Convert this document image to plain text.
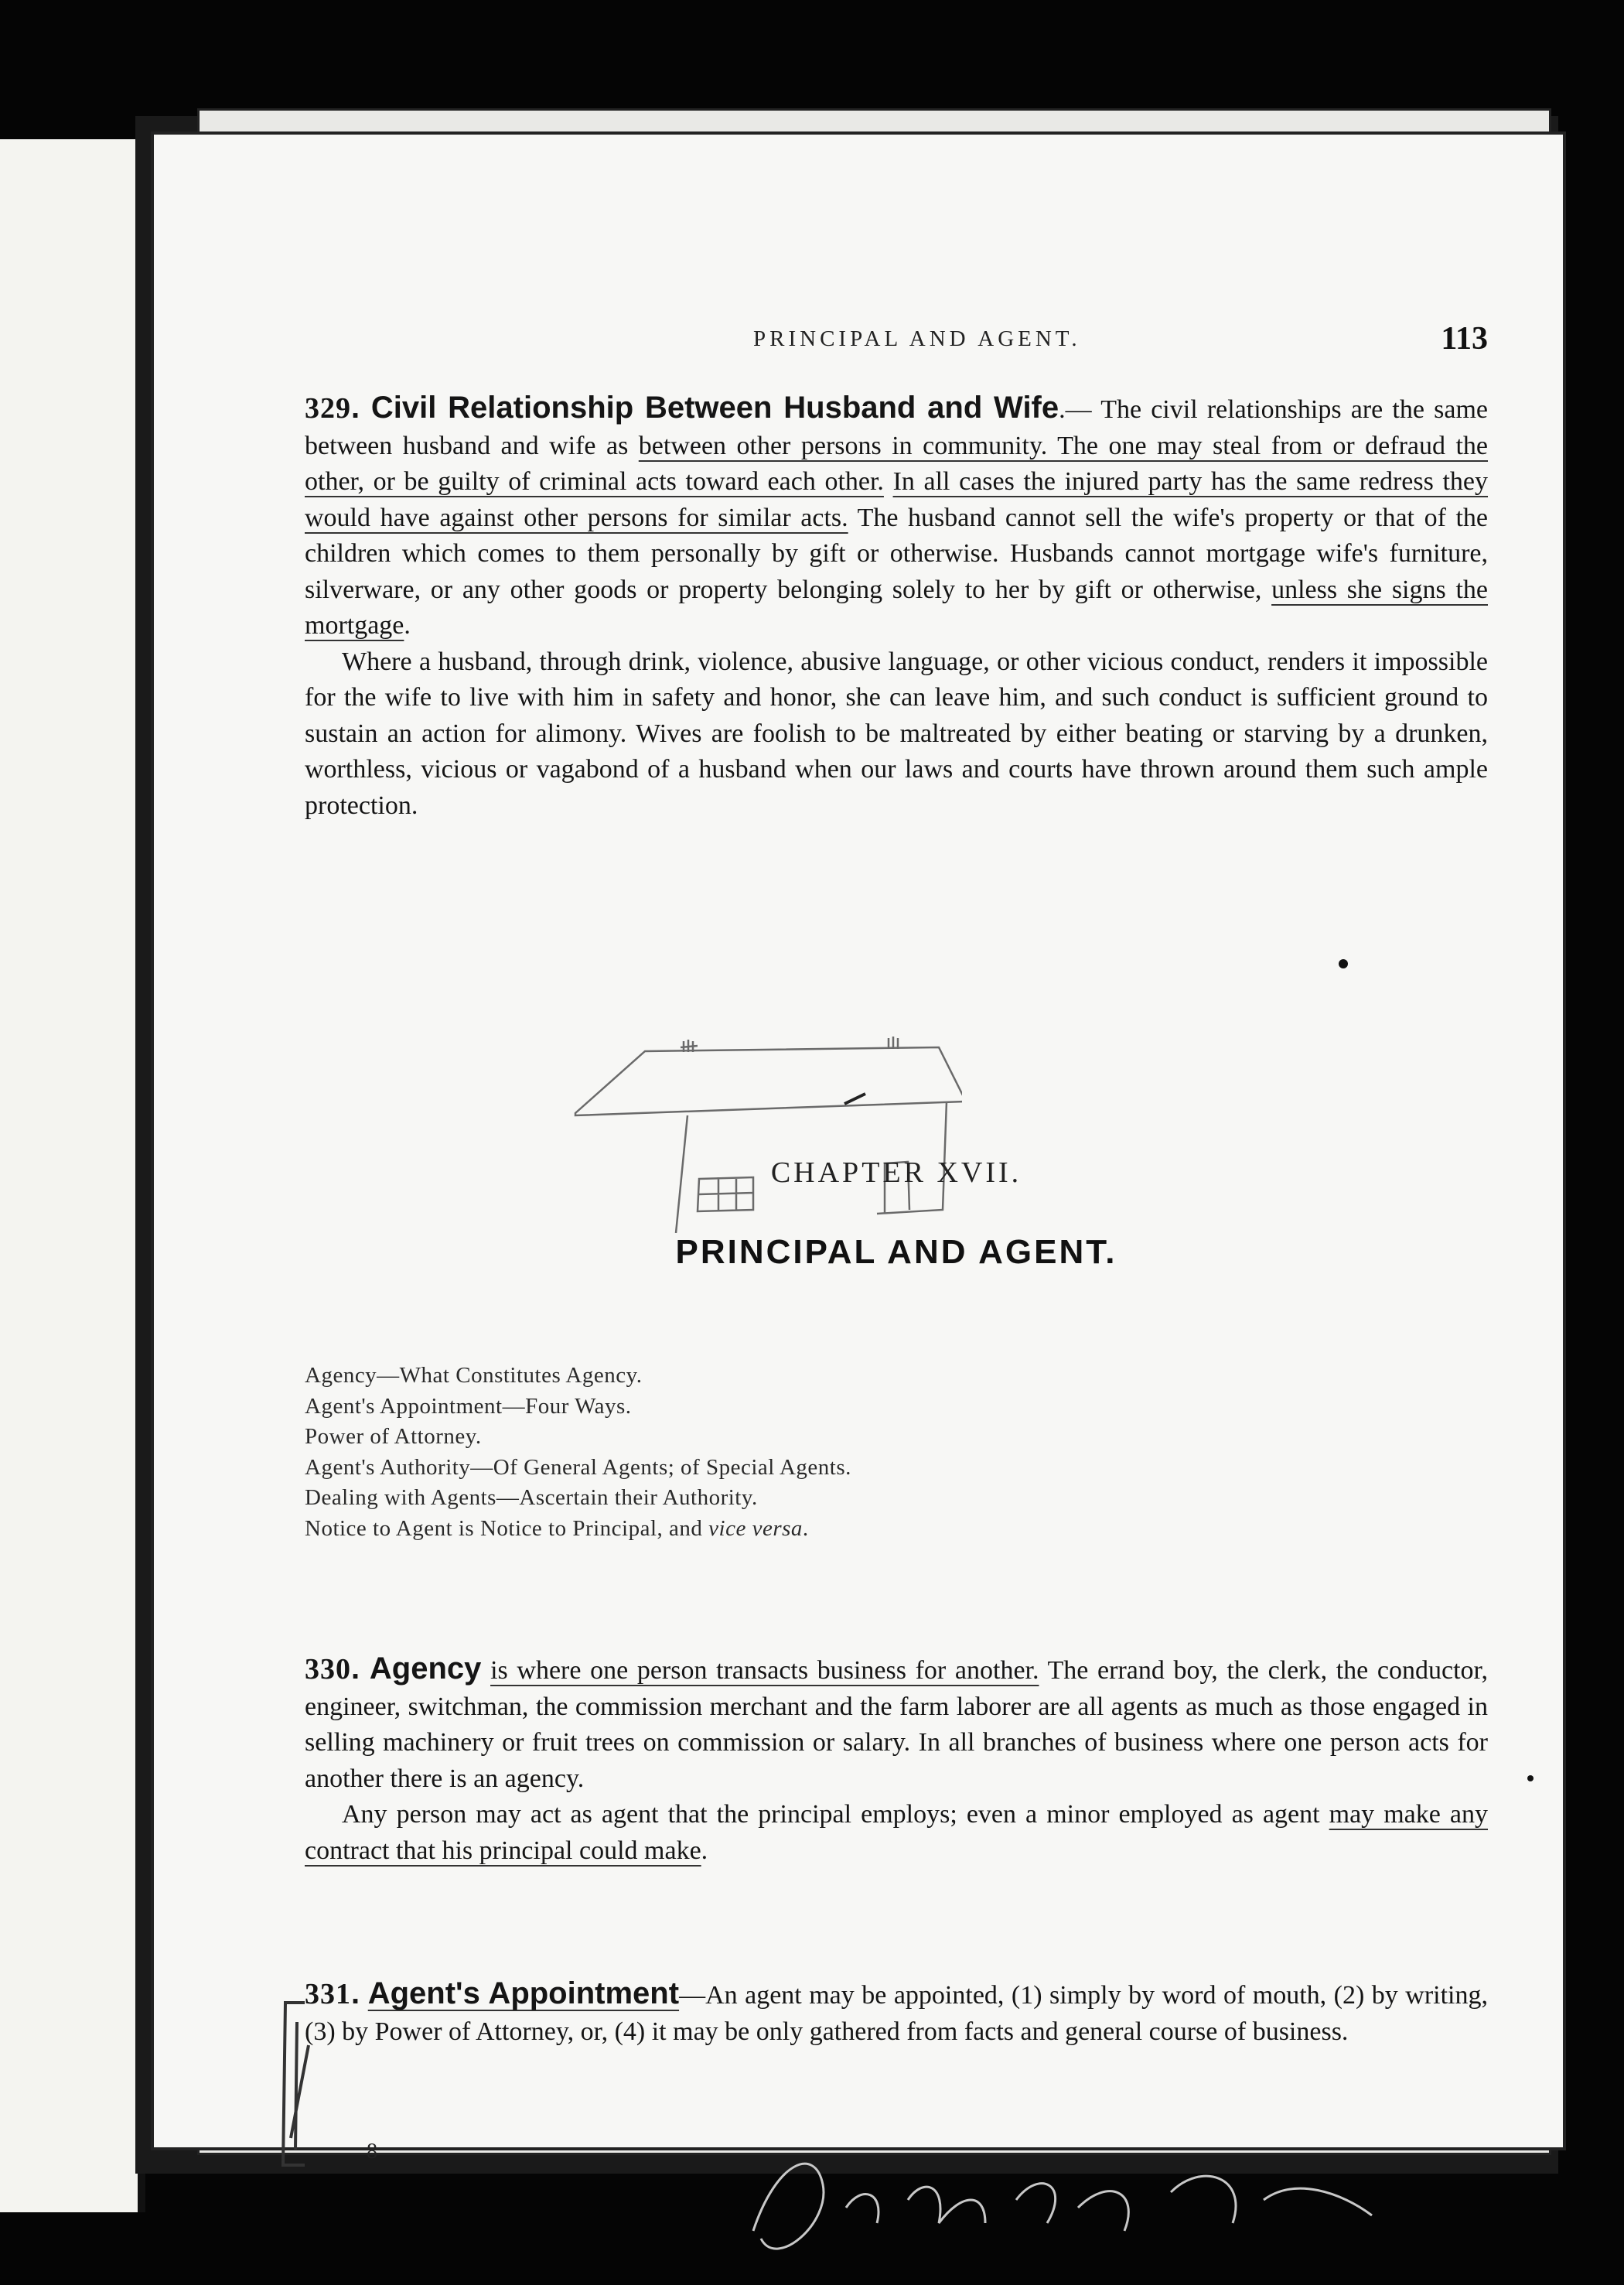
PRINCIPAL AND AGENT.	113

329. Civil Relationship Between Husband and Wife.— The civil relationships are the same between husband and wife as between other persons in community. The one may steal from or defraud the other, or be guilty of criminal acts toward each other. In all cases the injured party has the same redress they would have against other persons for similar acts. The husband cannot sell the wife's property or that of the children which comes to them personally by gift or otherwise. Husbands cannot mortgage wife's furniture, silverware, or any other goods or property belonging solely to her by gift or otherwise, unless she signs the mortgage.

Where a husband, through drink, violence, abusive language, or other vicious conduct, renders it impossible for the wife to live with him in safety and honor, she can leave him, and such conduct is sufficient ground to sustain an action for alimony. Wives are foolish to be maltreated by either beating or starving by a drunken, worthless, vicious or vagabond of a husband when our laws and courts have thrown around them such ample protection.

CHAPTER XVII.
PRINCIPAL AND AGENT.
Agency—What Constitutes Agency.
Agent's Appointment—Four Ways.
Power of Attorney.
Agent's Authority—Of General Agents; of Special Agents.
Dealing with Agents—Ascertain their Authority.
Notice to Agent is Notice to Principal, and vice versa.

330. Agency is where one person transacts business for another. The errand boy, the clerk, the conductor, engineer, switchman, the commission merchant and the farm laborer are all agents as much as those engaged in selling machinery or fruit trees on commission or salary. In all branches of business where one person acts for another there is an agency.

Any person may act as agent that the principal employs; even a minor employed as agent may make any contract that his principal could make.

331. Agent's Appointment—An agent may be appointed, (1) simply by word of mouth, (2) by writing, (3) by Power of Attorney, or, (4) it may be only gathered from facts and general course of business.

8
